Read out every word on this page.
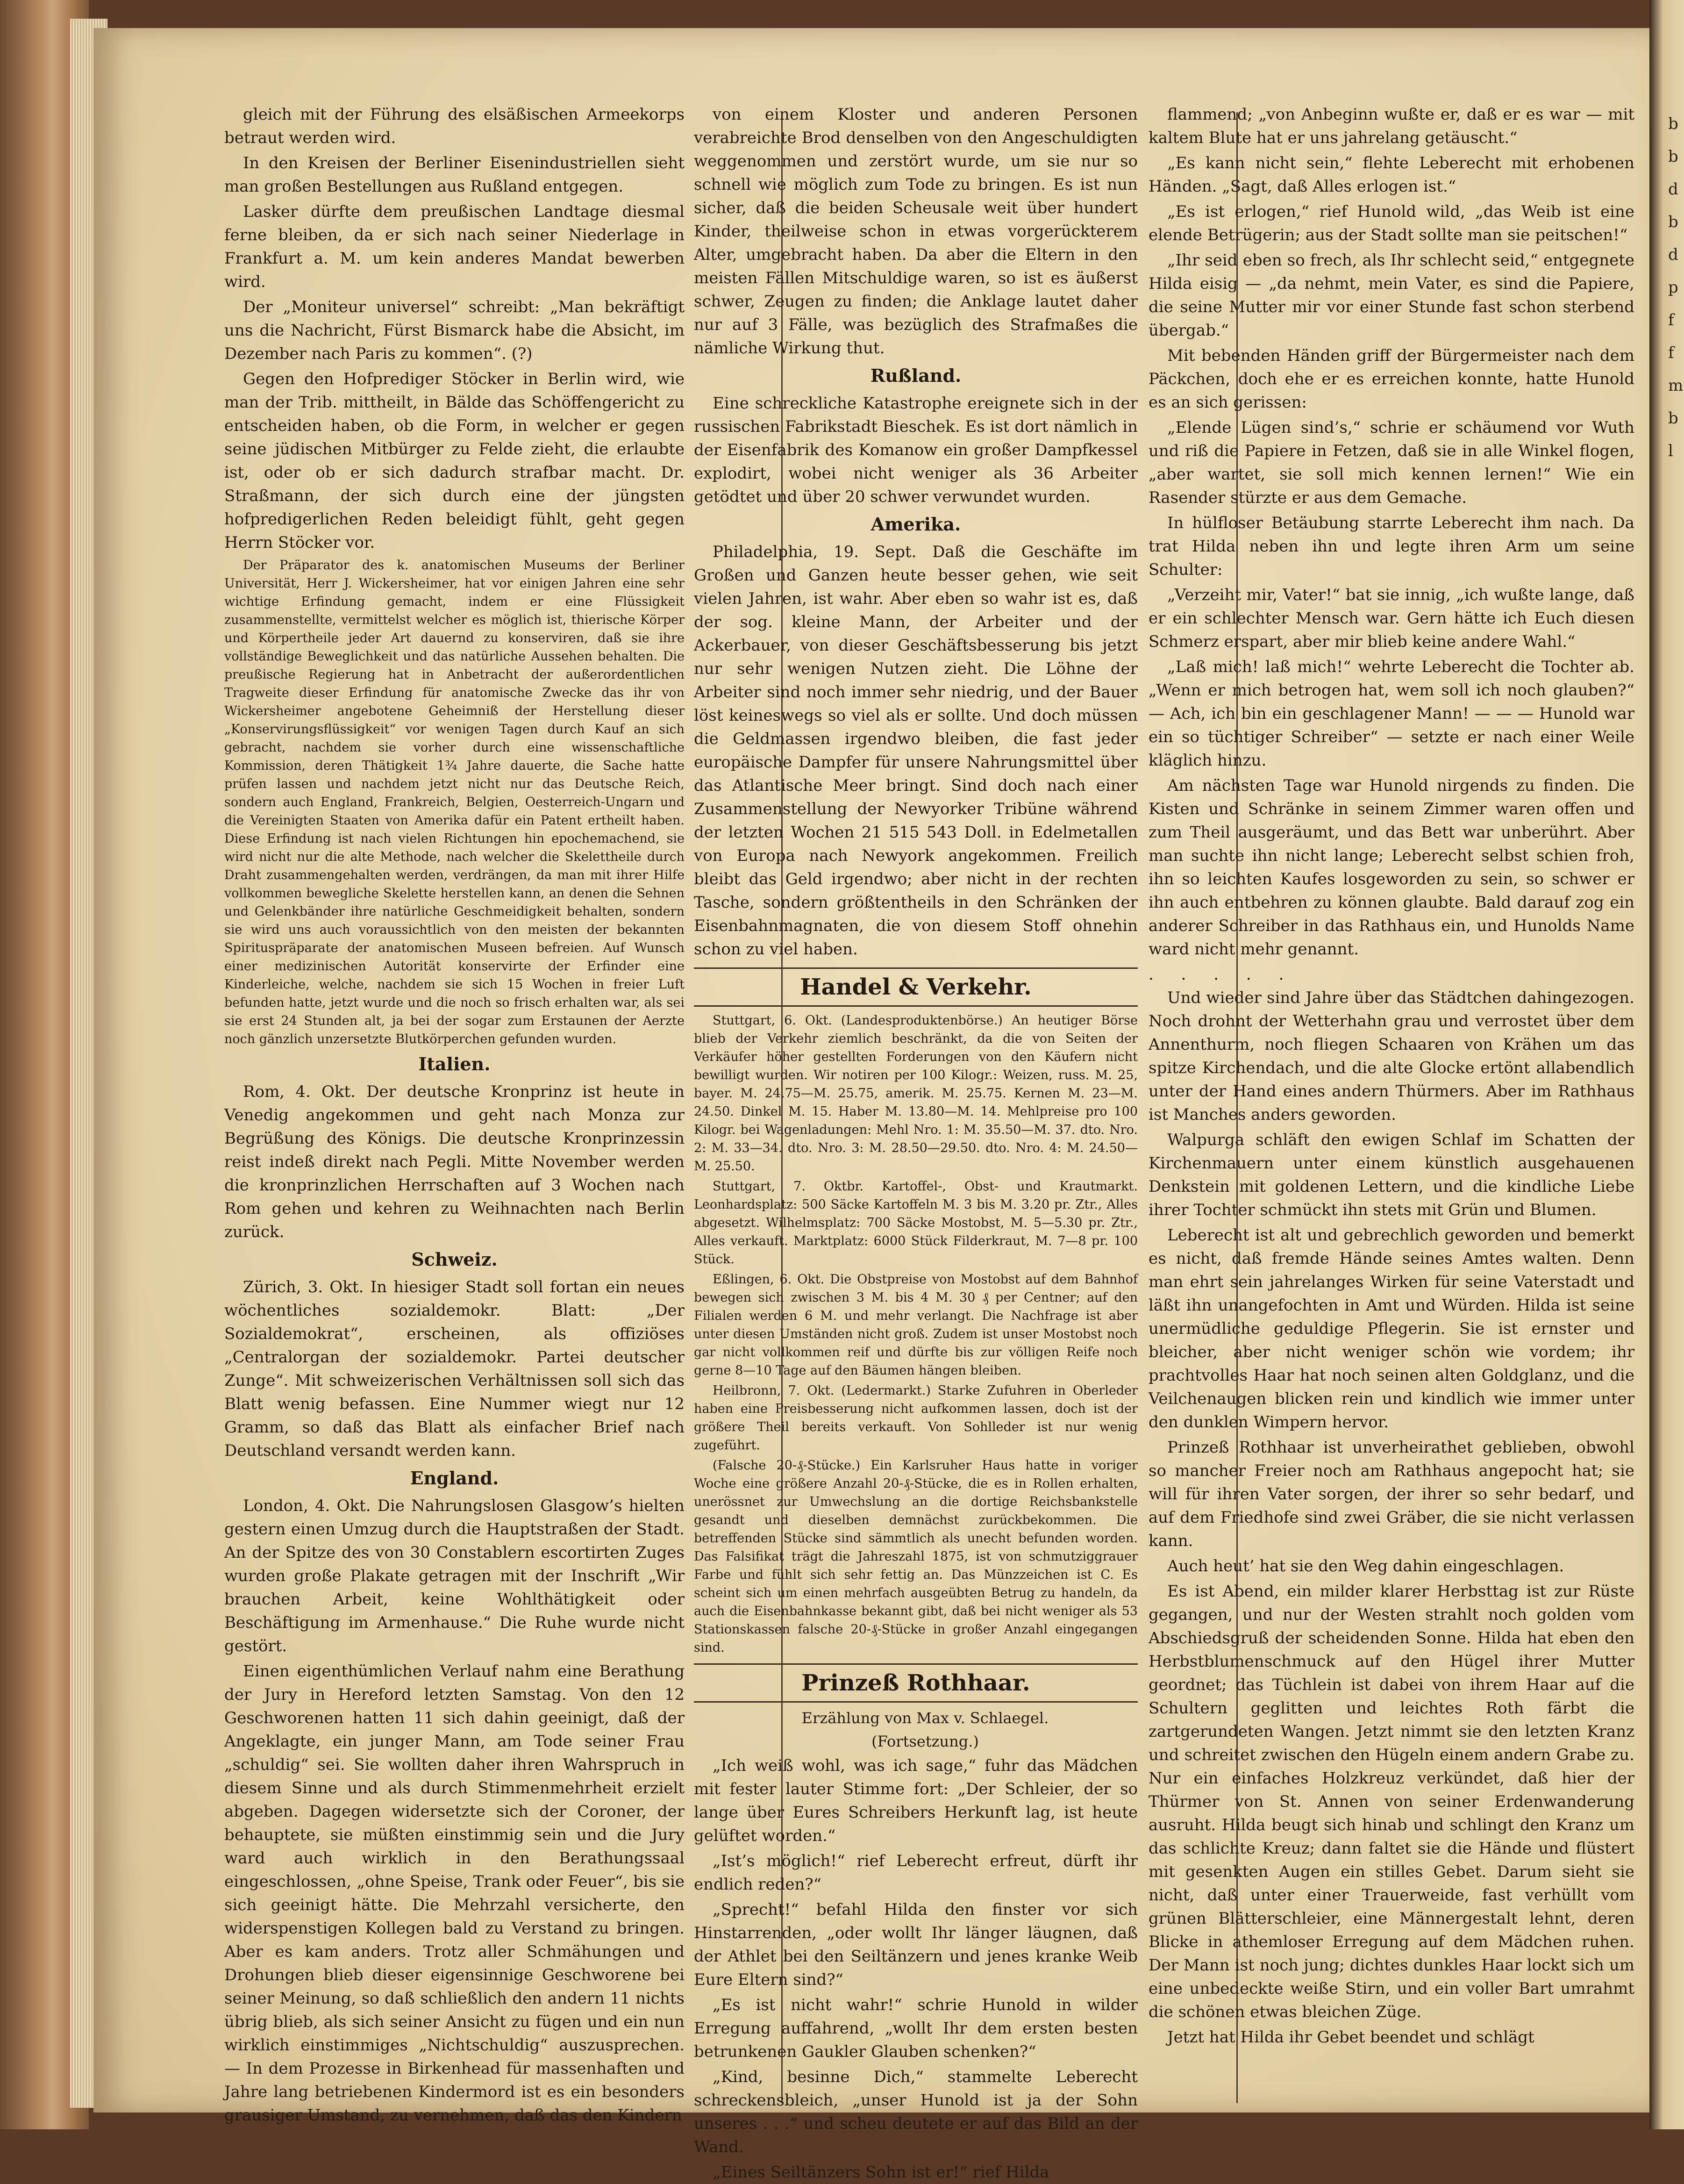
gleich mit der Führung des elsäßischen Armeekorps betraut werden wird.

In den Kreisen der Berliner Eisenindustriellen sieht man großen Bestellungen aus Rußland entgegen.

Lasker dürfte dem preußischen Landtage diesmal ferne bleiben, da er sich nach seiner Niederlage in Frankfurt a. M. um kein anderes Mandat bewerben wird.

Der „Moniteur universel“ schreibt: „Man bekräftigt uns die Nachricht, Fürst Bismarck habe die Absicht, im Dezember nach Paris zu kommen“. (?)

Gegen den Hofprediger Stöcker in Berlin wird, wie man der Trib. mittheilt, in Bälde das Schöffengericht zu entscheiden haben, ob die Form, in welcher er gegen seine jüdischen Mitbürger zu Felde zieht, die erlaubte ist, oder ob er sich dadurch strafbar macht. Dr. Straßmann, der sich durch eine der jüngsten hofpredigerlichen Reden beleidigt fühlt, geht gegen Herrn Stöcker vor.

Der Präparator des k. anatomischen Museums der Berliner Universität, Herr J. Wickersheimer, hat vor einigen Jahren eine sehr wichtige Erfindung gemacht, indem er eine Flüssigkeit zusammenstellte, vermittelst welcher es möglich ist, thierische Körper und Körpertheile jeder Art dauernd zu konserviren, daß sie ihre vollständige Beweglichkeit und das natürliche Aussehen behalten. Die preußische Regierung hat in Anbetracht der außerordentlichen Tragweite dieser Erfindung für anatomische Zwecke das ihr von Wickersheimer angebotene Geheimniß der Herstellung dieser „Konservirungsflüssigkeit“ vor wenigen Tagen durch Kauf an sich gebracht, nachdem sie vorher durch eine wissenschaftliche Kommission, deren Thätigkeit 1¾ Jahre dauerte, die Sache hatte prüfen lassen und nachdem jetzt nicht nur das Deutsche Reich, sondern auch England, Frankreich, Belgien, Oesterreich-Ungarn und die Vereinigten Staaten von Amerika dafür ein Patent ertheilt haben. Diese Erfindung ist nach vielen Richtungen hin epochemachend, sie wird nicht nur die alte Methode, nach welcher die Skelettheile durch Draht zusammengehalten werden, verdrängen, da man mit ihrer Hilfe vollkommen bewegliche Skelette herstellen kann, an denen die Sehnen und Gelenkbänder ihre natürliche Geschmeidigkeit behalten, sondern sie wird uns auch voraussichtlich von den meisten der bekannten Spirituspräparate der anatomischen Museen befreien. Auf Wunsch einer medizinischen Autorität konservirte der Erfinder eine Kinderleiche, welche, nachdem sie sich 15 Wochen in freier Luft befunden hatte, jetzt wurde und die noch so frisch erhalten war, als sei sie erst 24 Stunden alt, ja bei der sogar zum Erstaunen der Aerzte noch gänzlich unzersetzte Blutkörperchen gefunden wurden.

Italien.

Rom, 4. Okt. Der deutsche Kronprinz ist heute in Venedig angekommen und geht nach Monza zur Begrüßung des Königs. Die deutsche Kronprinzessin reist indeß direkt nach Pegli. Mitte November werden die kronprinzlichen Herrschaften auf 3 Wochen nach Rom gehen und kehren zu Weihnachten nach Berlin zurück.

Schweiz.

Zürich, 3. Okt. In hiesiger Stadt soll fortan ein neues wöchentliches sozialdemokr. Blatt: „Der Sozialdemokrat“, erscheinen, als offiziöses „Centralorgan der sozialdemokr. Partei deutscher Zunge“. Mit schweizerischen Verhältnissen soll sich das Blatt wenig befassen. Eine Nummer wiegt nur 12 Gramm, so daß das Blatt als einfacher Brief nach Deutschland versandt werden kann.

England.

London, 4. Okt. Die Nahrungslosen Glasgow’s hielten gestern einen Umzug durch die Hauptstraßen der Stadt. An der Spitze des von 30 Constablern escortirten Zuges wurden große Plakate getragen mit der Inschrift „Wir brauchen Arbeit, keine Wohlthätigkeit oder Beschäftigung im Armenhause.“ Die Ruhe wurde nicht gestört.

Einen eigenthümlichen Verlauf nahm eine Berathung der Jury in Hereford letzten Samstag. Von den 12 Geschworenen hatten 11 sich dahin geeinigt, daß der Angeklagte, ein junger Mann, am Tode seiner Frau „schuldig“ sei. Sie wollten daher ihren Wahrspruch in diesem Sinne und als durch Stimmenmehrheit erzielt abgeben. Dagegen widersetzte sich der Coroner, der behauptete, sie müßten einstimmig sein und die Jury ward auch wirklich in den Berathungssaal eingeschlossen, „ohne Speise, Trank oder Feuer“, bis sie sich geeinigt hätte. Die Mehrzahl versicherte, den widerspenstigen Kollegen bald zu Verstand zu bringen. Aber es kam anders. Trotz aller Schmähungen und Drohungen blieb dieser eigensinnige Geschworene bei seiner Meinung, so daß schließlich den andern 11 nichts übrig blieb, als sich seiner Ansicht zu fügen und ein nun wirklich einstimmiges „Nichtschuldig“ auszusprechen. — In dem Prozesse in Birkenhead für massenhaften und Jahre lang betriebenen Kindermord ist es ein besonders grausiger Umstand, zu vernehmen, daß das den Kindern

von einem Kloster und anderen Personen verabreichte Brod denselben von den Angeschuldigten weggenommen und zerstört wurde, um sie nur so schnell wie möglich zum Tode zu bringen. Es ist nun sicher, daß die beiden Scheusale weit über hundert Kinder, theilweise schon in etwas vorgerückterem Alter, umgebracht haben. Da aber die Eltern in den meisten Fällen Mitschuldige waren, so ist es äußerst schwer, Zeugen zu finden; die Anklage lautet daher nur auf 3 Fälle, was bezüglich des Strafmaßes die nämliche Wirkung thut.

Rußland.

Eine schreckliche Katastrophe ereignete sich in der russischen Fabrikstadt Bieschek. Es ist dort nämlich in der Eisenfabrik des Komanow ein großer Dampfkessel explodirt, wobei nicht weniger als 36 Arbeiter getödtet und über 20 schwer verwundet wurden.

Amerika.

Philadelphia, 19. Sept. Daß die Geschäfte im Großen und Ganzen heute besser gehen, wie seit vielen Jahren, ist wahr. Aber eben so wahr ist es, daß der sog. kleine Mann, der Arbeiter und der Ackerbauer, von dieser Geschäftsbesserung bis jetzt nur sehr wenigen Nutzen zieht. Die Löhne der Arbeiter sind noch immer sehr niedrig, und der Bauer löst keineswegs so viel als er sollte. Und doch müssen die Geldmassen irgendwo bleiben, die fast jeder europäische Dampfer für unsere Nahrungsmittel über das Atlantische Meer bringt. Sind doch nach einer Zusammenstellung der Newyorker Tribüne während der letzten Wochen 21 515 543 Doll. in Edelmetallen von Europa nach Newyork angekommen. Freilich bleibt das Geld irgendwo; aber nicht in der rechten Tasche, sondern größtentheils in den Schränken der Eisenbahnmagnaten, die von diesem Stoff ohnehin schon zu viel haben.

Handel & Verkehr.

Stuttgart, 6. Okt. (Landesproduktenbörse.) An heutiger Börse blieb der Verkehr ziemlich beschränkt, da die von Seiten der Verkäufer höher gestellten Forderungen von den Käufern nicht bewilligt wurden. Wir notiren per 100 Kilogr.: Weizen, russ. M. 25, bayer. M. 24.75—M. 25.75, amerik. M. 25.75. Kernen M. 23—M. 24.50. Dinkel M. 15. Haber M. 13.80—M. 14. Mehlpreise pro 100 Kilogr. bei Wagenladungen: Mehl Nro. 1: M. 35.50—M. 37. dto. Nro. 2: M. 33—34. dto. Nro. 3: M. 28.50—29.50. dto. Nro. 4: M. 24.50—M. 25.50.

Stuttgart, 7. Oktbr. Kartoffel-, Obst- und Krautmarkt. Leonhardsplatz: 500 Säcke Kartoffeln M. 3 bis M. 3.20 pr. Ztr., Alles abgesetzt. Wilhelmsplatz: 700 Säcke Mostobst, M. 5—5.30 pr. Ztr., Alles verkauft. Marktplatz: 6000 Stück Filderkraut, M. 7—8 pr. 100 Stück.

Eßlingen, 6. Okt. Die Obstpreise von Mostobst auf dem Bahnhof bewegen sich zwischen 3 M. bis 4 M. 30 ₰ per Centner; auf den Filialen werden 6 M. und mehr verlangt. Die Nachfrage ist aber unter diesen Umständen nicht groß. Zudem ist unser Mostobst noch gar nicht vollkommen reif und dürfte bis zur völligen Reife noch gerne 8—10 Tage auf den Bäumen hängen bleiben.

Heilbronn, 7. Okt. (Ledermarkt.) Starke Zufuhren in Oberleder haben eine Preisbesserung nicht aufkommen lassen, doch ist der größere Theil bereits verkauft. Von Sohlleder ist nur wenig zugeführt.

(Falsche 20-₰-Stücke.) Ein Karlsruher Haus hatte in voriger Woche eine größere Anzahl 20-₰-Stücke, die es in Rollen erhalten, unerössnet zur Umwechslung an die dortige Reichsbankstelle gesandt und dieselben demnächst zurückbekommen. Die betreffenden Stücke sind sämmtlich als unecht befunden worden. Das Falsifikat trägt die Jahreszahl 1875, ist von schmutziggrauer Farbe und fühlt sich sehr fettig an. Das Münzzeichen ist C. Es scheint sich um einen mehrfach ausgeübten Betrug zu handeln, da auch die Eisenbahnkasse bekannt gibt, daß bei nicht weniger als 53 Stationskassen falsche 20-₰-Stücke in großer Anzahl eingegangen sind.

Prinzeß Rothhaar.

Erzählung von Max v. Schlaegel.

(Fortsetzung.)

„Ich weiß wohl, was ich sage,“ fuhr das Mädchen mit fester lauter Stimme fort: „Der Schleier, der so lange über Eures Schreibers Herkunft lag, ist heute gelüftet worden.“

„Ist’s möglich!“ rief Leberecht erfreut, dürft ihr endlich reden?“

„Sprecht!“ befahl Hilda den finster vor sich Hinstarrenden, „oder wollt Ihr länger läugnen, daß der Athlet bei den Seiltänzern und jenes kranke Weib Eure Eltern sind?“

„Es ist nicht wahr!“ schrie Hunold in wilder Erregung auffahrend, „wollt Ihr dem ersten besten betrunkenen Gaukler Glauben schenken?“

„Kind, besinne Dich,“ stammelte Leberecht schreckensbleich, „unser Hunold ist ja der Sohn unseres . . .“ und scheu deutete er auf das Bild an der Wand.

„Eines Seiltänzers Sohn ist er!“ rief Hilda

flammend; „von Anbeginn wußte er, daß er es war — mit kaltem Blute hat er uns jahrelang getäuscht.“

„Es kann nicht sein,“ flehte Leberecht mit erhobenen Händen. „Sagt, daß Alles erlogen ist.“

„Es ist erlogen,“ rief Hunold wild, „das Weib ist eine elende Betrügerin; aus der Stadt sollte man sie peitschen!“

„Ihr seid eben so frech, als Ihr schlecht seid,“ entgegnete Hilda eisig — „da nehmt, mein Vater, es sind die Papiere, die seine Mutter mir vor einer Stunde fast schon sterbend übergab.“

Mit bebenden Händen griff der Bürgermeister nach dem Päckchen, doch ehe er es erreichen konnte, hatte Hunold es an sich gerissen:

„Elende Lügen sind’s,“ schrie er schäumend vor Wuth und riß die Papiere in Fetzen, daß sie in alle Winkel flogen, „aber wartet, sie soll mich kennen lernen!“ Wie ein Rasender stürzte er aus dem Gemache.

In hülfloser Betäubung starrte Leberecht ihm nach. Da trat Hilda neben ihn und legte ihren Arm um seine Schulter:

„Verzeiht mir, Vater!“ bat sie innig, „ich wußte lange, daß er ein schlechter Mensch war. Gern hätte ich Euch diesen Schmerz erspart, aber mir blieb keine andere Wahl.“

„Laß mich! laß mich!“ wehrte Leberecht die Tochter ab. „Wenn er mich betrogen hat, wem soll ich noch glauben?“ — Ach, ich bin ein geschlagener Mann! — — — Hunold war ein so tüchtiger Schreiber“ — setzte er nach einer Weile kläglich hinzu.

Am nächsten Tage war Hunold nirgends zu finden. Die Kisten und Schränke in seinem Zimmer waren offen und zum Theil ausgeräumt, und das Bett war unberührt. Aber man suchte ihn nicht lange; Leberecht selbst schien froh, ihn so leichten Kaufes losgeworden zu sein, so schwer er ihn auch entbehren zu können glaubte. Bald darauf zog ein anderer Schreiber in das Rathhaus ein, und Hunolds Name ward nicht mehr genannt.

. . . . .

Und wieder sind Jahre über das Städtchen dahingezogen. Noch drohnt der Wetterhahn grau und verrostet über dem Annenthurm, noch fliegen Schaaren von Krähen um das spitze Kirchendach, und die alte Glocke ertönt allabendlich unter der Hand eines andern Thürmers. Aber im Rathhaus ist Manches anders geworden.

Walpurga schläft den ewigen Schlaf im Schatten der Kirchenmauern unter einem künstlich ausgehauenen Denkstein mit goldenen Lettern, und die kindliche Liebe ihrer Tochter schmückt ihn stets mit Grün und Blumen.

Leberecht ist alt und gebrechlich geworden und bemerkt es nicht, daß fremde Hände seines Amtes walten. Denn man ehrt sein jahrelanges Wirken für seine Vaterstadt und läßt ihn unangefochten in Amt und Würden. Hilda ist seine unermüdliche geduldige Pflegerin. Sie ist ernster und bleicher, aber nicht weniger schön wie vordem; ihr prachtvolles Haar hat noch seinen alten Goldglanz, und die Veilchenaugen blicken rein und kindlich wie immer unter den dunklen Wimpern hervor.

Prinzeß Rothhaar ist unverheirathet geblieben, obwohl so mancher Freier noch am Rathhaus angepocht hat; sie will für ihren Vater sorgen, der ihrer so sehr bedarf, und auf dem Friedhofe sind zwei Gräber, die sie nicht verlassen kann.

Auch heut’ hat sie den Weg dahin eingeschlagen.

Es ist Abend, ein milder klarer Herbsttag ist zur Rüste gegangen, und nur der Westen strahlt noch golden vom Abschiedsgruß der scheidenden Sonne. Hilda hat eben den Herbstblumenschmuck auf den Hügel ihrer Mutter geordnet; das Tüchlein ist dabei von ihrem Haar auf die Schultern geglitten und leichtes Roth färbt die zartgerundeten Wangen. Jetzt nimmt sie den letzten Kranz und schreitet zwischen den Hügeln einem andern Grabe zu. Nur ein einfaches Holzkreuz verkündet, daß hier der Thürmer von St. Annen von seiner Erdenwanderung ausruht. Hilda beugt sich hinab und schlingt den Kranz um das schlichte Kreuz; dann faltet sie die Hände und flüstert mit gesenkten Augen ein stilles Gebet. Darum sieht sie nicht, daß unter einer Trauerweide, fast verhüllt vom grünen Blätterschleier, eine Männergestalt lehnt, deren Blicke in athemloser Erregung auf dem Mädchen ruhen. Der Mann ist noch jung; dichtes dunkles Haar lockt sich um eine unbedeckte weiße Stirn, und ein voller Bart umrahmt die schönen etwas bleichen Züge.

Jetzt hat Hilda ihr Gebet beendet und schlägt

b
b
d
b
d
p
f
f
m
b
l
